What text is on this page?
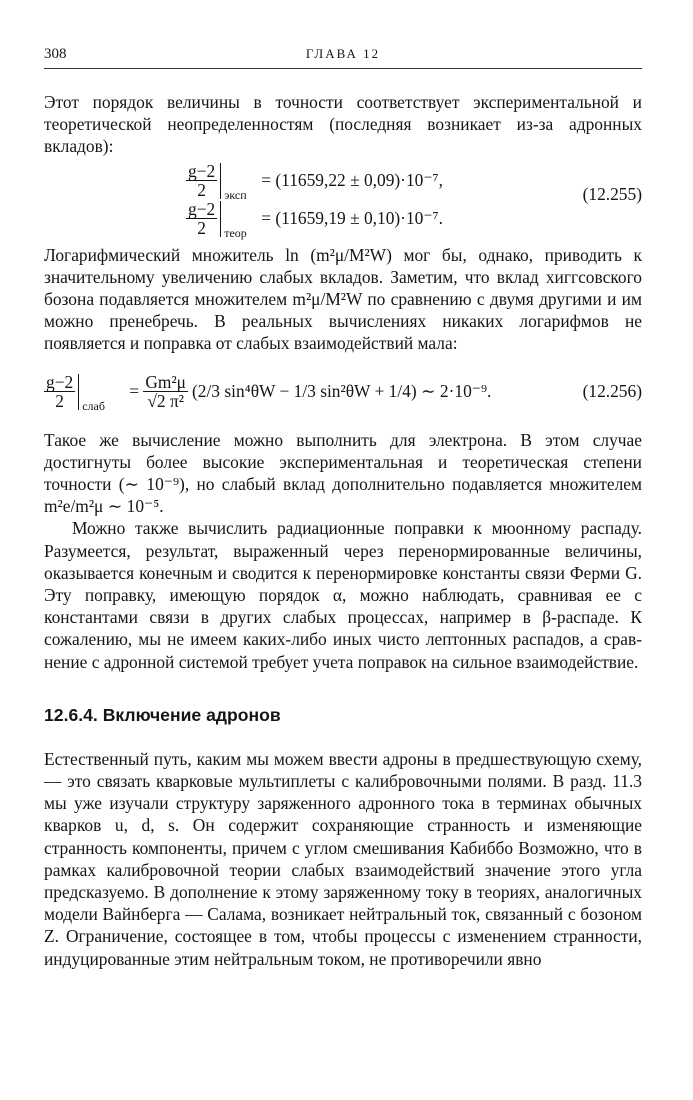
308	ГЛАВА 12

Этот порядок величины в точности соответствует экспериментальной и теоретической неопределенностям (последняя возникает из-за адронных вкладов):

$\frac{g-2}{2}$ эксп
= (11659,22 ± 0,09)·10⁻⁷,
$\frac{g-2}{2}$ теор
= (11659,19 ± 0,10)·10⁻⁷.
(12.255)

Логарифмический множитель ln (m²μ/M²W) мог бы, однако, приводить к значительному увеличению слабых вкладов. Заметим, что вклад хиггсовского бозона подавляется множителем m²μ/M²W по сравнению с двумя другими и им можно пренебречь. В реальных вычислениях никаких логарифмов не появляется и поправка от слабых взаимодействий мала:

$\frac{g-2}{2}$ слаб
= $\frac{\text{Gm²μ}}{\text{√2 π²}} (2/3$ sin⁴θW − 1/3 sin²θW + 1/4) ∼ 2·10⁻⁹.	(12.256)

Такое же вычисление можно выполнить для электрона. В этом случае достигнуты более высокие экспериментальная и теоретическая степени точности (∼ 10⁻⁹), но слабый вклад дополнительно подавляется множителем m²e/m²μ ∼ 10⁻⁵.

Можно также вычислить радиационные поправки к мюонному распаду. Разумеется, результат, выраженный через перенормированные величины, оказывается конечным и сводится к перенормировке константы связи Ферми G. Эту поправку, имеющую порядок α, можно наблюдать, сравнивая ее с константами связи в других слабых процессах, например в β-распаде. К сожалению, мы не имеем каких-либо иных чисто лептонных распадов, а сравнение с адронной системой требует учета поправок на сильное взаимодействие.

12.6.4. Включение адронов

Естественный путь, каким мы можем ввести адроны в предшествующую схему, — это связать кварковые мультиплеты с калибровочными полями. В разд. 11.3 мы уже изучали структуру заряженного адронного тока в терминах обычных кварков u, d, s. Он содержит сохраняющие странность и изменяющие странность компоненты, причем с углом смешивания Кабиббо Возможно, что в рамках калибровочной теории слабых взаимодействий значение этого угла предсказуемо. В дополнение к этому заряженному току в теориях, аналогичных модели Вайнберга — Салама, возникает нейтральный ток, связанный с бозоном Z. Ограничение, состоящее в том, чтобы процессы с изменением странности, индуцированные этим нейтральным током, не противоречили явно
